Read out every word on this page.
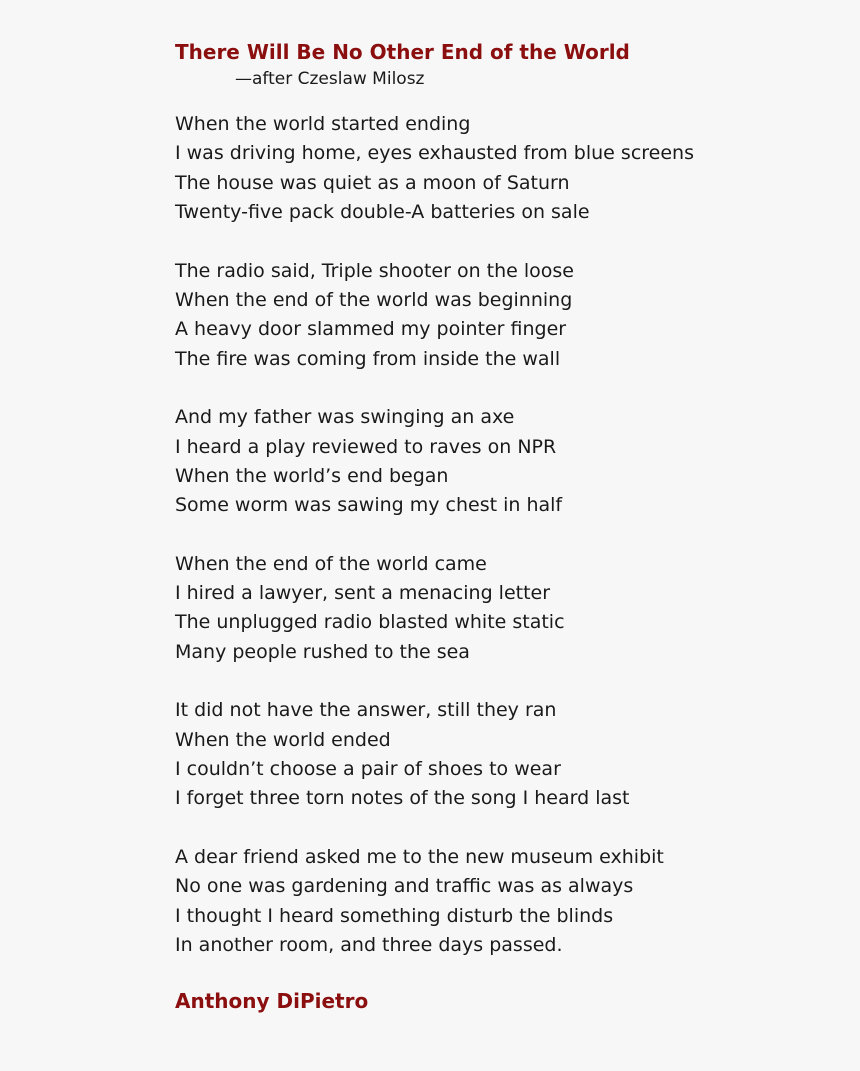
There Will Be No Other End of the World
—after Czeslaw Milosz
When the world started ending
I was driving home, eyes exhausted from blue screens
The house was quiet as a moon of Saturn
Twenty-five pack double-A batteries on sale
The radio said, Triple shooter on the loose
When the end of the world was beginning
A heavy door slammed my pointer finger
The fire was coming from inside the wall
And my father was swinging an axe
I heard a play reviewed to raves on NPR
When the world’s end began
Some worm was sawing my chest in half
When the end of the world came
I hired a lawyer, sent a menacing letter
The unplugged radio blasted white static
Many people rushed to the sea
It did not have the answer, still they ran
When the world ended
I couldn’t choose a pair of shoes to wear
I forget three torn notes of the song I heard last
A dear friend asked me to the new museum exhibit
No one was gardening and traffic was as always
I thought I heard something disturb the blinds
In another room, and three days passed.
Anthony DiPietro
